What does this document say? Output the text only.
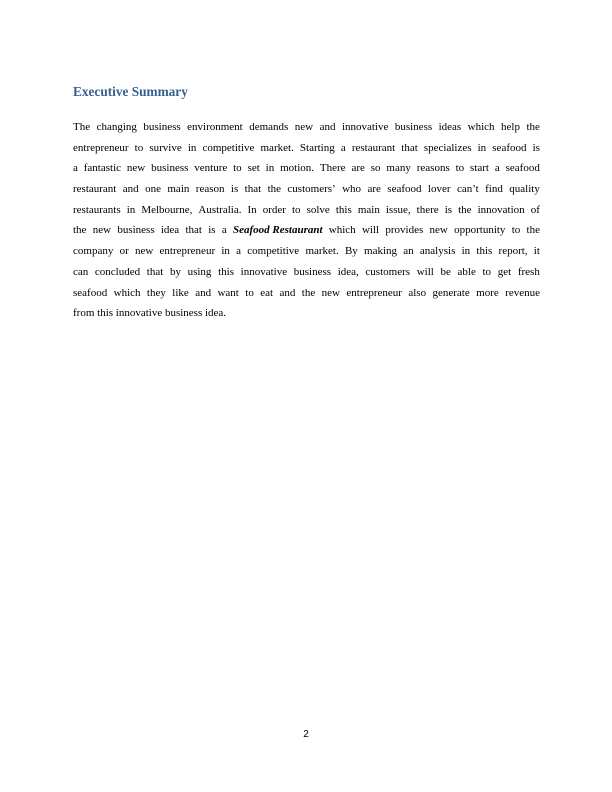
Executive Summary
The changing business environment demands new and innovative business ideas which help the
entrepreneur to survive in competitive market. Starting a restaurant that specializes in seafood is
a fantastic new business venture to set in motion. There are so many reasons to start a seafood
restaurant and one main reason is that the customers’ who are seafood lover can’t find quality
restaurants in Melbourne, Australia. In order to solve this main issue, there is the innovation of
the new business idea that is a Seafood Restaurant which will provides new opportunity to the
company or new entrepreneur in a competitive market. By making an analysis in this report, it
can concluded that by using this innovative business idea, customers will be able to get fresh
seafood which they like and want to eat and the new entrepreneur also generate more revenue
from this innovative business idea.
2
